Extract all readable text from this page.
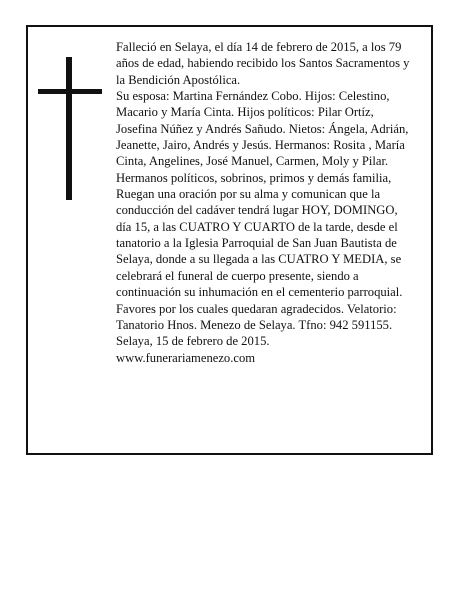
Falleció en Selaya, el día 14 de febrero de 2015, a los 79 años de edad, habiendo recibido los Santos Sacramentos y la Bendición Apostólica.

Su esposa: Martina Fernández Cobo. Hijos: Celestino, Macario y María Cinta. Hijos políticos: Pilar Ortíz, Josefina Núñez y Andrés Sañudo. Nietos: Ángela, Adrián, Jeanette, Jairo, Andrés y Jesús. Hermanos: Rosita , María Cinta, Angelines, José Manuel, Carmen, Moly y Pilar. Hermanos políticos, sobrinos, primos y demás familia,

Ruegan una oración por su alma y comunican que la conducción del cadáver tendrá lugar HOY, DOMINGO, día 15, a las CUATRO Y CUARTO de la tarde, desde el tanatorio a la Iglesia Parroquial de San Juan Bautista de Selaya, donde a su llegada a las CUATRO Y MEDIA, se celebrará el funeral de cuerpo presente, siendo a continuación su inhumación en el cementerio parroquial. Favores por los cuales quedaran agradecidos. Velatorio: Tanatorio Hnos. Menezo de Selaya. Tfno: 942 591155.

Selaya, 15 de febrero de 2015.

www.funerariamenezo.com
